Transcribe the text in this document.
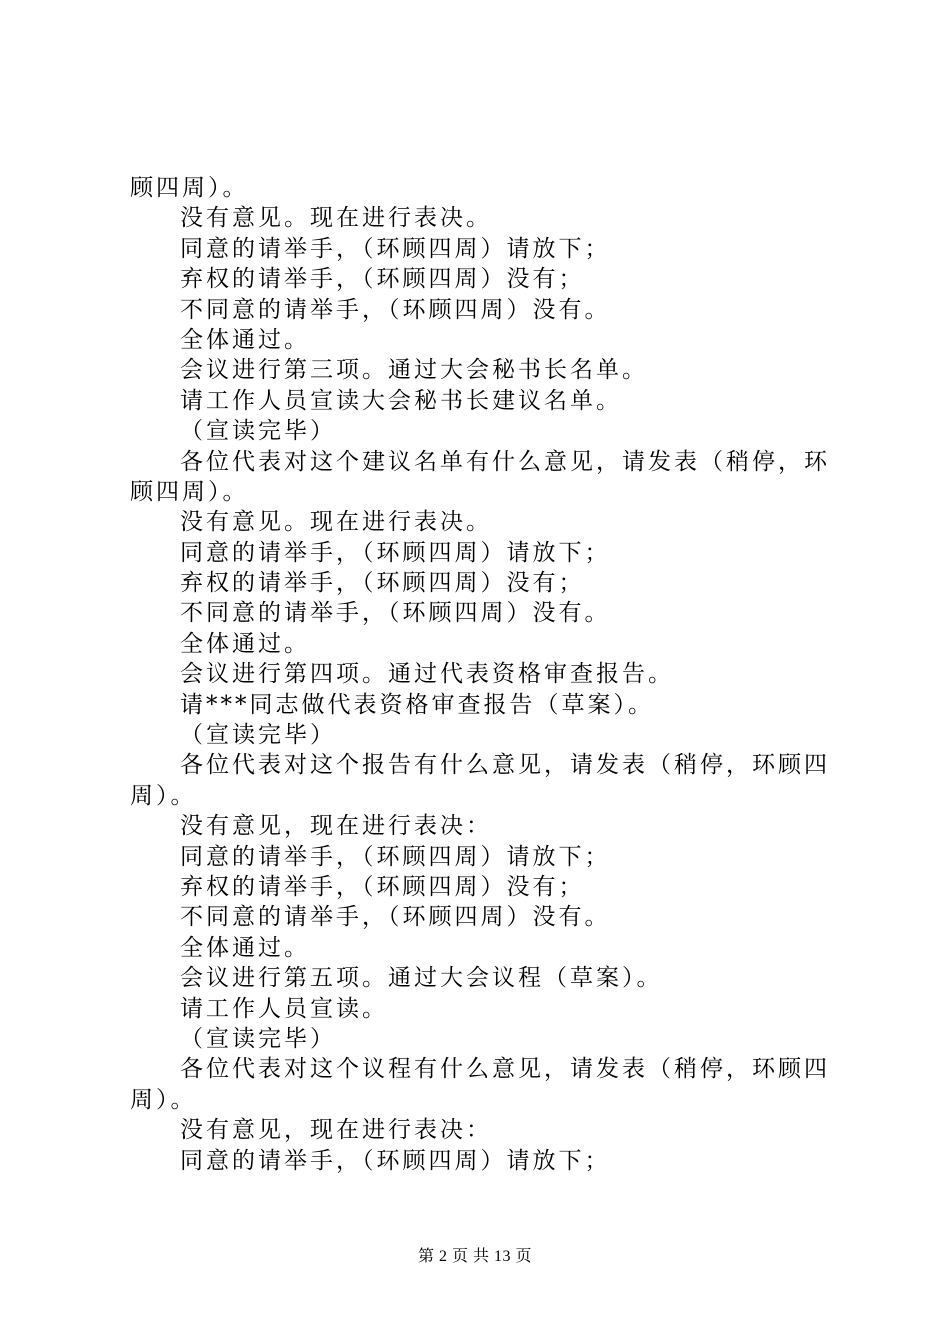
顾四周）。
没有意见。现在进行表决。
同意的请举手，（环顾四周）请放下；
弃权的请举手，（环顾四周）没有；
不同意的请举手，（环顾四周）没有。
全体通过。
会议进行第三项。通过大会秘书长名单。
请工作人员宣读大会秘书长建议名单。
（宣读完毕）
各位代表对这个建议名单有什么意见，请发表（稍停，环
顾四周）。
没有意见。现在进行表决。
同意的请举手，（环顾四周）请放下；
弃权的请举手，（环顾四周）没有；
不同意的请举手，（环顾四周）没有。
全体通过。
会议进行第四项。通过代表资格审查报告。
请***同志做代表资格审查报告（草案）。
（宣读完毕）
各位代表对这个报告有什么意见，请发表（稍停，环顾四
周）。
没有意见，现在进行表决：
同意的请举手，（环顾四周）请放下；
弃权的请举手，（环顾四周）没有；
不同意的请举手，（环顾四周）没有。
全体通过。
会议进行第五项。通过大会议程（草案）。
请工作人员宣读。
（宣读完毕）
各位代表对这个议程有什么意见，请发表（稍停，环顾四
周）。
没有意见，现在进行表决：
同意的请举手，（环顾四周）请放下；
第 2 页 共 13 页
